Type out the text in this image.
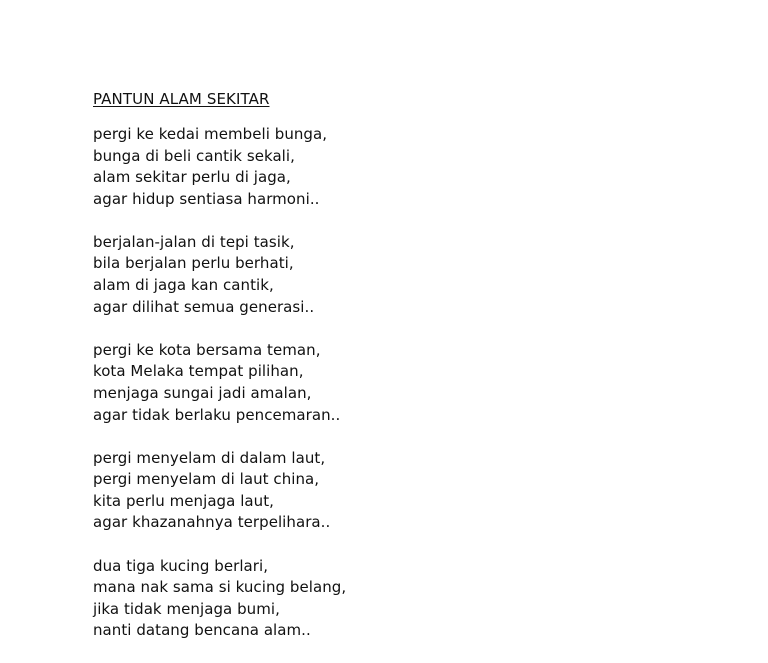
PANTUN ALAM SEKITAR
pergi ke kedai membeli bunga,
bunga di beli cantik sekali,
alam sekitar perlu di jaga,
agar hidup sentiasa harmoni..
berjalan-jalan di tepi tasik,
bila berjalan perlu berhati,
alam di jaga kan cantik,
agar dilihat semua generasi..
pergi ke kota bersama teman,
kota Melaka tempat pilihan,
menjaga sungai jadi amalan,
agar tidak berlaku pencemaran..
pergi menyelam di dalam laut,
pergi menyelam di laut china,
kita perlu menjaga laut,
agar khazanahnya terpelihara..
dua tiga kucing berlari,
mana nak sama si kucing belang,
jika tidak menjaga bumi,
nanti datang bencana alam..
